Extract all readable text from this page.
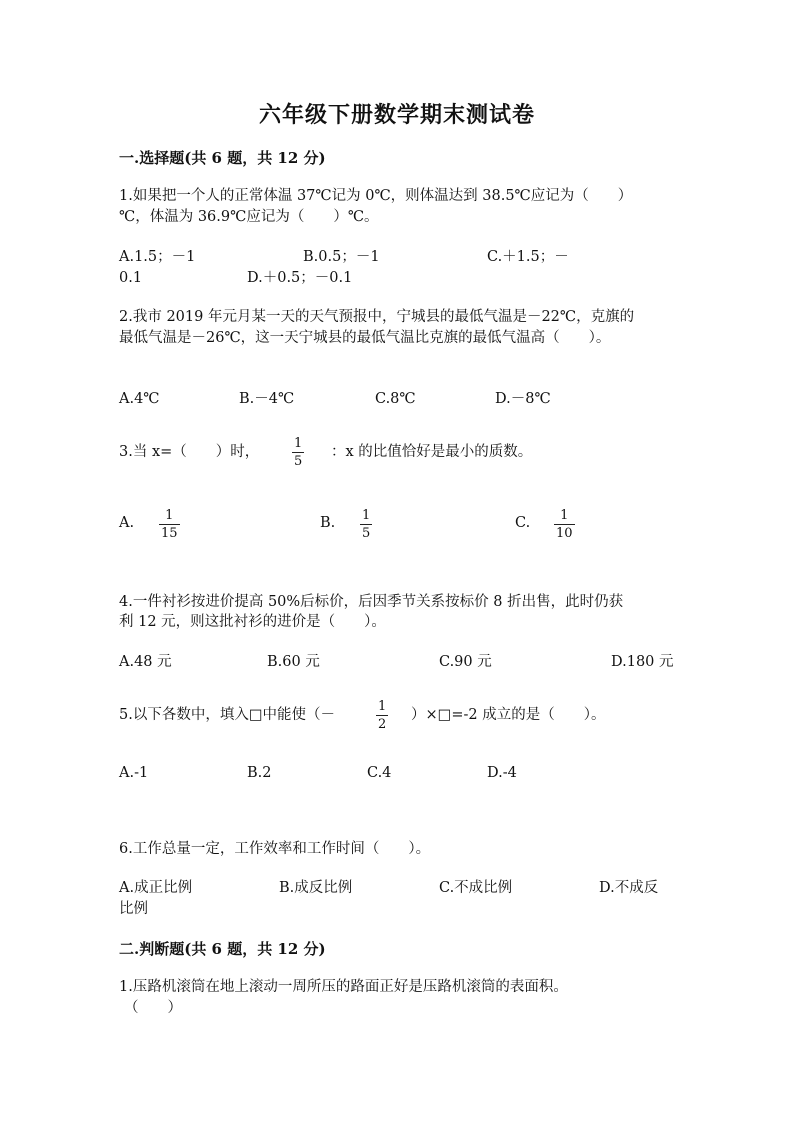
六年级下册数学期末测试卷
一.选择题(共 6 题，共 12 分)
1.如果把一个人的正常体温 37℃记为 0℃，则体温达到 38.5℃应记为（　　）
℃，体温为 36.9℃应记为（　　）℃。
A.1.5；－1	B.0.5；－1	C.＋1.5；－
0.1	D.＋0.5；－0.1
2.我市 2019 年元月某一天的天气预报中，宁城县的最低气温是－22℃，克旗的
最低气温是－26℃，这一天宁城县的最低气温比克旗的最低气温高（　　）。
A.4℃	B.－4℃	C.8℃	D.－8℃
3.当 x=（　　）时，
1
5
：x 的比值恰好是最小的质数。
A. 1
15
B. 1
5
C. 1
10
4.一件衬衫按进价提高 50%后标价，后因季节关系按标价 8 折出售，此时仍获
利 12 元，则这批衬衫的进价是（　　）。
A.48 元	B.60 元	C.90 元	D.180 元
5.以下各数中，填入□中能使（－
1
2
）×□=-2 成立的是（　　）。
A.-1	B.2	C.4	D.-4
6.工作总量一定，工作效率和工作时间（　　）。
A.成正比例	B.成反比例	C.不成比例	D.不成反
比例
二.判断题(共 6 题，共 12 分)
1.压路机滚筒在地上滚动一周所压的路面正好是压路机滚筒的表面积。
（　　）
